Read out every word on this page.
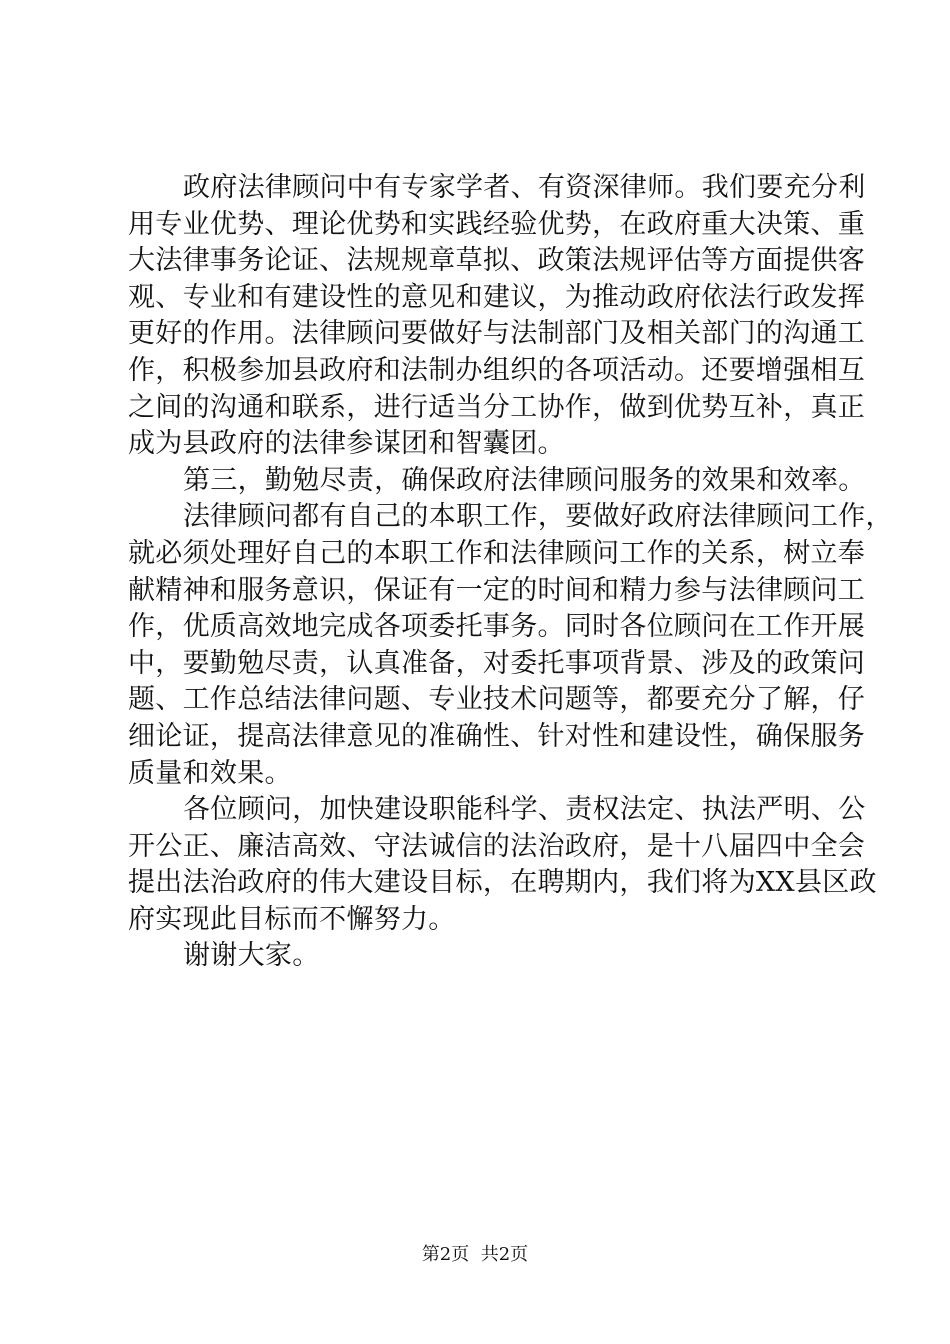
政府法律顾问中有专家学者、有资深律师。我们要充分利
用专业优势、理论优势和实践经验优势，在政府重大决策、重
大法律事务论证、法规规章草拟、政策法规评估等方面提供客
观、专业和有建设性的意见和建议，为推动政府依法行政发挥
更好的作用。法律顾问要做好与法制部门及相关部门的沟通工
作，积极参加县政府和法制办组织的各项活动。还要增强相互
之间的沟通和联系，进行适当分工协作，做到优势互补，真正
成为县政府的法律参谋团和智囊团。
第三，勤勉尽责，确保政府法律顾问服务的效果和效率。
法律顾问都有自己的本职工作，要做好政府法律顾问工作，
就必须处理好自己的本职工作和法律顾问工作的关系，树立奉
献精神和服务意识，保证有一定的时间和精力参与法律顾问工
作，优质高效地完成各项委托事务。同时各位顾问在工作开展
中，要勤勉尽责，认真准备，对委托事项背景、涉及的政策问
题、工作总结法律问题、专业技术问题等，都要充分了解，仔
细论证，提高法律意见的准确性、针对性和建设性，确保服务
质量和效果。
各位顾问，加快建设职能科学、责权法定、执法严明、公
开公正、廉洁高效、守法诚信的法治政府，是十八届四中全会
提出法治政府的伟大建设目标，在聘期内，我们将为XX县区政
府实现此目标而不懈努力。
谢谢大家。
第2页  共2页
